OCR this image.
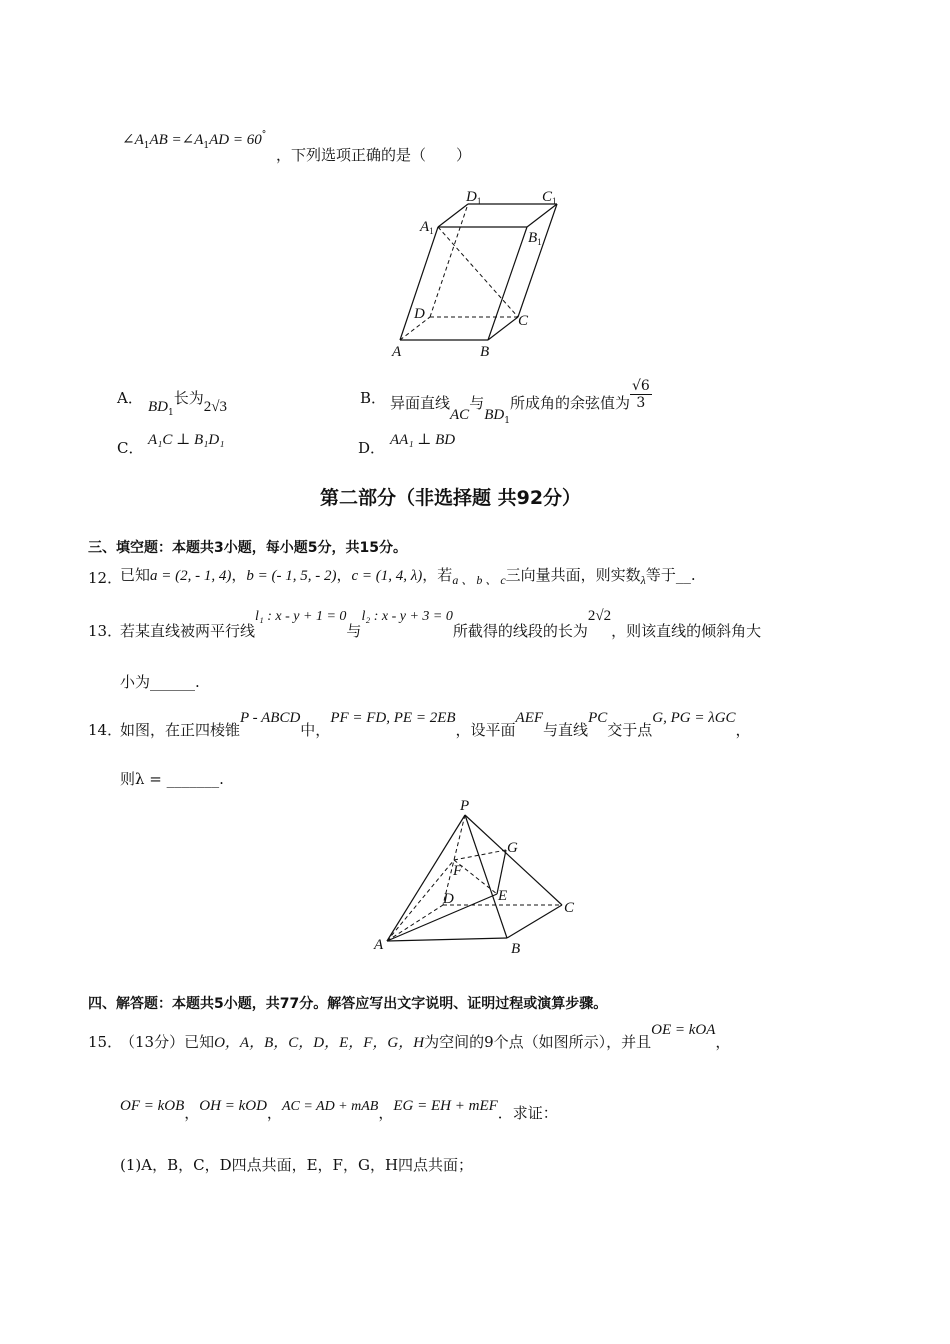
$\angle A_1AB$ $=\angle A_1AD = 60^\circ$
，下列选项正确的是（　　）
$D_1$	$C_1$
$A_1$	$B_1$
D	C
A	B
A． $BD_1$长为2√3	B． 异面直线AC与$BD_1$所成角的余弦值为 $\frac{√6}{3}$
C． A₁C ⊥ B₁D₁	D． AA₁ ⊥ BD
第二部分（非选择题 共92分）
三、填空题：本题共3小题，每小题5分，共15分。
12．
已知a = (2, - 1, 4)，b = (- 1, 5, - 2)，c = (1, 4, λ)，若$_{a 、 b 、 c}$三向量共面，则实数$_\lambda$等于__.
13．
若某直线被两平行线l₁ : x - y + 1 = 0与l₂ : x - y + 3 = 0所截得的线段的长为2√2，则该直线的倾斜角大
小为______.
14．
如图，在正四棱锥P - ABCD中，PF = FD, PE = 2EB，设平面AEF与直线PC交于点G, PG = λGC，
则λ = _______.
P
G
F
E
D
C
A	B
四、解答题：本题共5小题，共77分。解答应写出文字说明、证明过程或演算步骤。
15．
（13分）已知O，A，B，C，D，E，F，G，H为空间的9个点（如图所示），并且OE = kOA，
OF = kOB，OH = kOD，AC = AD + mAB，EG = EH + mEF．求证：
(1)A，B，C，D四点共面，E，F，G，H四点共面；
